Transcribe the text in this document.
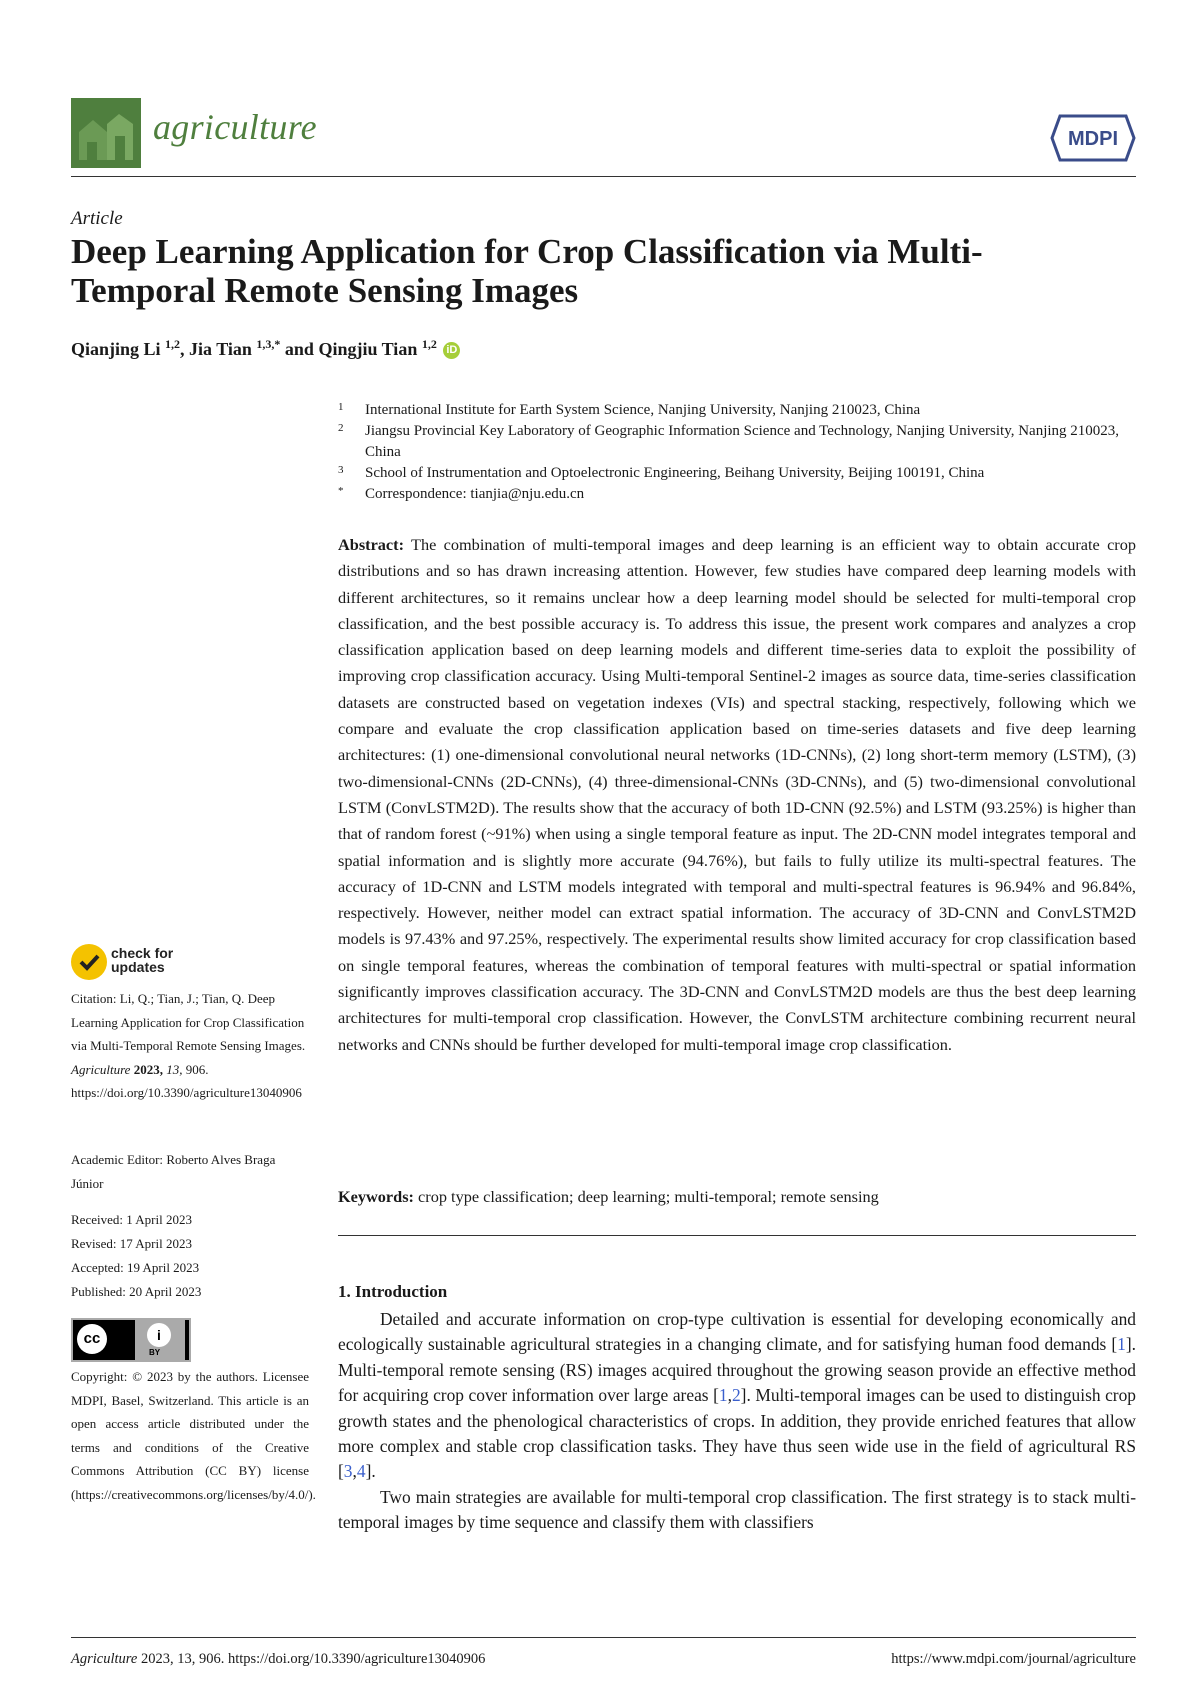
agriculture	MDPI
Article
Deep Learning Application for Crop Classification via Multi-Temporal Remote Sensing Images
Qianjing Li $^{1,2}$, Jia Tian $^{1,3,*}$ and Qingjiu Tian $^{1,2}$ iD
1 International Institute for Earth System Science, Nanjing University, Nanjing 210023, China
2 Jiangsu Provincial Key Laboratory of Geographic Information Science and Technology, Nanjing University, Nanjing 210023, China
3 School of Instrumentation and Optoelectronic Engineering, Beihang University, Beijing 100191, China
* Correspondence: tianjia@nju.edu.cn

Abstract: The combination of multi-temporal images and deep learning is an efficient way to obtain accurate crop distributions and so has drawn increasing attention. However, few studies have compared deep learning models with different architectures, so it remains unclear how a deep learning model should be selected for multi-temporal crop classification, and the best possible accuracy is. To address this issue, the present work compares and analyzes a crop classification application based on deep learning models and different time-series data to exploit the possibility of improving crop classification accuracy. Using Multi-temporal Sentinel-2 images as source data, time-series classification datasets are constructed based on vegetation indexes (VIs) and spectral stacking, respectively, following which we compare and evaluate the crop classification application based on time-series datasets and five deep learning architectures: (1) one-dimensional convolutional neural networks (1D-CNNs), (2) long short-term memory (LSTM), (3) two-dimensional-CNNs (2D-CNNs), (4) three-dimensional-CNNs (3D-CNNs), and (5) two-dimensional convolutional LSTM (ConvLSTM2D). The results show that the accuracy of both 1D-CNN (92.5%) and LSTM (93.25%) is higher than that of random forest (~91%) when using a single temporal feature as input. The 2D-CNN model integrates temporal and spatial information and is slightly more accurate (94.76%), but fails to fully utilize its multi-spectral features. The accuracy of 1D-CNN and LSTM models integrated with temporal and multi-spectral features is 96.94% and 96.84%, respectively. However, neither model can extract spatial information. The accuracy of 3D-CNN and ConvLSTM2D models is 97.43% and 97.25%, respectively. The experimental results show limited accuracy for crop classification based on single temporal features, whereas the combination of temporal features with multi-spectral or spatial information significantly improves classification accuracy. The 3D-CNN and ConvLSTM2D models are thus the best deep learning architectures for multi-temporal crop classification. However, the ConvLSTM architecture combining recurrent neural networks and CNNs should be further developed for multi-temporal image crop classification.

Keywords: crop type classification; deep learning; multi-temporal; remote sensing
check for updates
Citation: Li, Q.; Tian, J.; Tian, Q. Deep Learning Application for Crop Classification via Multi-Temporal Remote Sensing Images. Agriculture 2023, 13, 906. https://doi.org/10.3390/agriculture13040906
Academic Editor: Roberto Alves Braga Júnior
Received: 1 April 2023
Revised: 17 April 2023
Accepted: 19 April 2023
Published: 20 April 2023
cc	i
BY

Copyright: © 2023 by the authors. Licensee MDPI, Basel, Switzerland. This article is an open access article distributed under the terms and conditions of the Creative Commons Attribution (CC BY) license (https://creativecommons.org/licenses/by/4.0/).

1. Introduction

Detailed and accurate information on crop-type cultivation is essential for developing economically and ecologically sustainable agricultural strategies in a changing climate, and for satisfying human food demands [1]. Multi-temporal remote sensing (RS) images acquired throughout the growing season provide an effective method for acquiring crop cover information over large areas [1,2]. Multi-temporal images can be used to distinguish crop growth states and the phenological characteristics of crops. In addition, they provide enriched features that allow more complex and stable crop classification tasks. They have thus seen wide use in the field of agricultural RS [3,4].

Two main strategies are available for multi-temporal crop classification. The first strategy is to stack multi-temporal images by time sequence and classify them with classifiers

Agriculture 2023, 13, 906. https://doi.org/10.3390/agriculture13040906	https://www.mdpi.com/journal/agriculture
